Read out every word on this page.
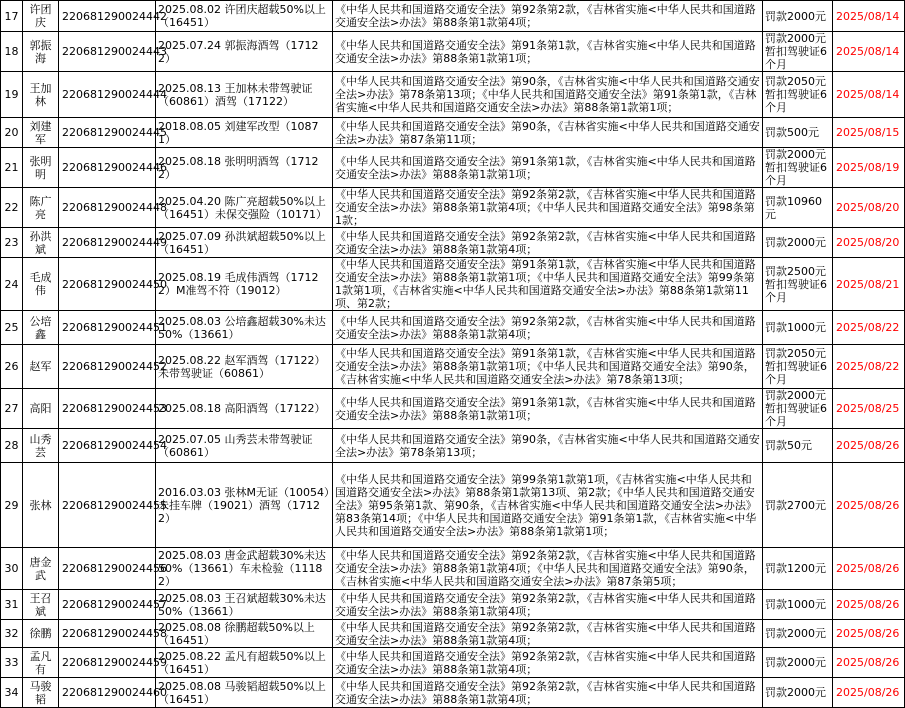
17	许团庆	220681290024442	2025.08.02 许团庆超载50%以上（16451）	《中华人民共和国道路交通安全法》第92条第2款，《吉林省实施<中华人民共和国道路交通安全法>办法》第88条第1款第4项；	罚款2000元	2025/08/14
18	郭振海	220681290024443	2025.07.24 郭振海酒驾（17122）	《中华人民共和国道路交通安全法》第91条第1款，《吉林省实施<中华人民共和国道路交通安全法>办法》第88条第1款第1项；	罚款2000元暂扣驾驶证6个月	2025/08/14
19	王加林	220681290024444	2025.08.13 王加林未带驾驶证（60861）酒驾（17122）	《中华人民共和国道路交通安全法》第90条，《吉林省实施<中华人民共和国道路交通安全法>办法》第78条第13项；《中华人民共和国道路交通安全法》第91条第1款，《吉林省实施<中华人民共和国道路交通安全法>办法》第88条第1款第1项；	罚款2050元暂扣驾驶证6个月	2025/08/14
20	刘建军	220681290024445	2018.08.05 刘建军改型（10871）	《中华人民共和国道路交通安全法》第90条，《吉林省实施<中华人民共和国道路交通安全法>办法》第87条第11项；	罚款500元	2025/08/15
21	张明明	220681290024446	2025.08.18 张明明酒驾（17122）	《中华人民共和国道路交通安全法》第91条第1款，《吉林省实施<中华人民共和国道路交通安全法>办法》第88条第1款第1项；	罚款2000元暂扣驾驶证6个月	2025/08/19
22	陈广亮	220681290024448	2025.04.20 陈广亮超载50%以上（16451）未保交强险（10171）	《中华人民共和国道路交通安全法》第92条第2款，《吉林省实施<中华人民共和国道路交通安全法>办法》第88条第1款第4项；《中华人民共和国道路交通安全法》第98条第1款；	罚款10960元	2025/08/20
23	孙洪斌	220681290024449	2025.07.09 孙洪斌超载50%以上（16451）	《中华人民共和国道路交通安全法》第92条第2款，《吉林省实施<中华人民共和国道路交通安全法>办法》第88条第1款第4项；	罚款2000元	2025/08/20
24	毛成伟	220681290024450	2025.08.19 毛成伟酒驾（17122）M准驾不符（19012）	《中华人民共和国道路交通安全法》第91条第1款，《吉林省实施<中华人民共和国道路交通安全法>办法》第88条第1款第1项；《中华人民共和国道路交通安全法》第99条第1款第1项，《吉林省实施<中华人民共和国道路交通安全法>办法》第88条第1款第11项、第2款；	罚款2500元暂扣驾驶证6个月	2025/08/21
25	公培鑫	220681290024451	2025.08.03 公培鑫超载30%未达50%（13661）	《中华人民共和国道路交通安全法》第92条第2款，《吉林省实施<中华人民共和国道路交通安全法>办法》第88条第1款第4项；	罚款1000元	2025/08/22
26	赵军	220681290024452	2025.08.22 赵军酒驾（17122）未带驾驶证（60861）	《中华人民共和国道路交通安全法》第91条第1款，《吉林省实施<中华人民共和国道路交通安全法>办法》第88条第1款第1项；《中华人民共和国道路交通安全法》第90条，《吉林省实施<中华人民共和国道路交通安全法>办法》第78条第13项；	罚款2050元暂扣驾驶证6个月	2025/08/22
27	高阳	220681290024453	2025.08.18 高阳酒驾（17122）	《中华人民共和国道路交通安全法》第91条第1款，《吉林省实施<中华人民共和国道路交通安全法>办法》第88条第1款第1项；	罚款2000元暂扣驾驶证6个月	2025/08/25
28	山秀芸	220681290024454	2025.07.05 山秀芸未带驾驶证（60861）	《中华人民共和国道路交通安全法》第90条，《吉林省实施<中华人民共和国道路交通安全法>办法》第78条第13项；	罚款50元	2025/08/26
29	张林	220681290024455	2016.03.03 张林M无证（10054）未挂车牌（19021）酒驾（17122）	《中华人民共和国道路交通安全法》第99条第1款第1项，《吉林省实施<中华人民共和国道路交通安全法>办法》第88条第1款第13项、第2款；《中华人民共和国道路交通安全法》第95条第1款、第90条，《吉林省实施<中华人民共和国道路交通安全法>办法》第83条第14项；《中华人民共和国道路交通安全法》第91条第1款，《吉林省实施<中华人民共和国道路交通安全法>办法》第88条第1款第1项；	罚款2700元	2025/08/26
30	唐金武	220681290024456	2025.08.03 唐金武超载30%未达50%（13661）车未检验（11182）	《中华人民共和国道路交通安全法》第92条第2款，《吉林省实施<中华人民共和国道路交通安全法>办法》第88条第1款第4项；《中华人民共和国道路交通安全法》第90条，《吉林省实施<中华人民共和国道路交通安全法>办法》第87条第5项；	罚款1200元	2025/08/26
31	王召斌	220681290024457	2025.08.03 王召斌超载30%未达50%（13661）	《中华人民共和国道路交通安全法》第92条第2款，《吉林省实施<中华人民共和国道路交通安全法>办法》第88条第1款第4项；	罚款1000元	2025/08/26
32	徐鹏	220681290024458	2025.08.08 徐鹏超载50%以上（16451）	《中华人民共和国道路交通安全法》第92条第2款，《吉林省实施<中华人民共和国道路交通安全法>办法》第88条第1款第4项；	罚款2000元	2025/08/26
33	孟凡有	220681290024459	2025.08.22 孟凡有超载50%以上（16451）	《中华人民共和国道路交通安全法》第92条第2款，《吉林省实施<中华人民共和国道路交通安全法>办法》第88条第1款第4项；	罚款2000元	2025/08/26
34	马骏韬	220681290024460	2025.08.08 马骏韬超载50%以上（16451）	《中华人民共和国道路交通安全法》第92条第2款，《吉林省实施<中华人民共和国道路交通安全法>办法》第88条第1款第4项；	罚款2000元	2025/08/26
